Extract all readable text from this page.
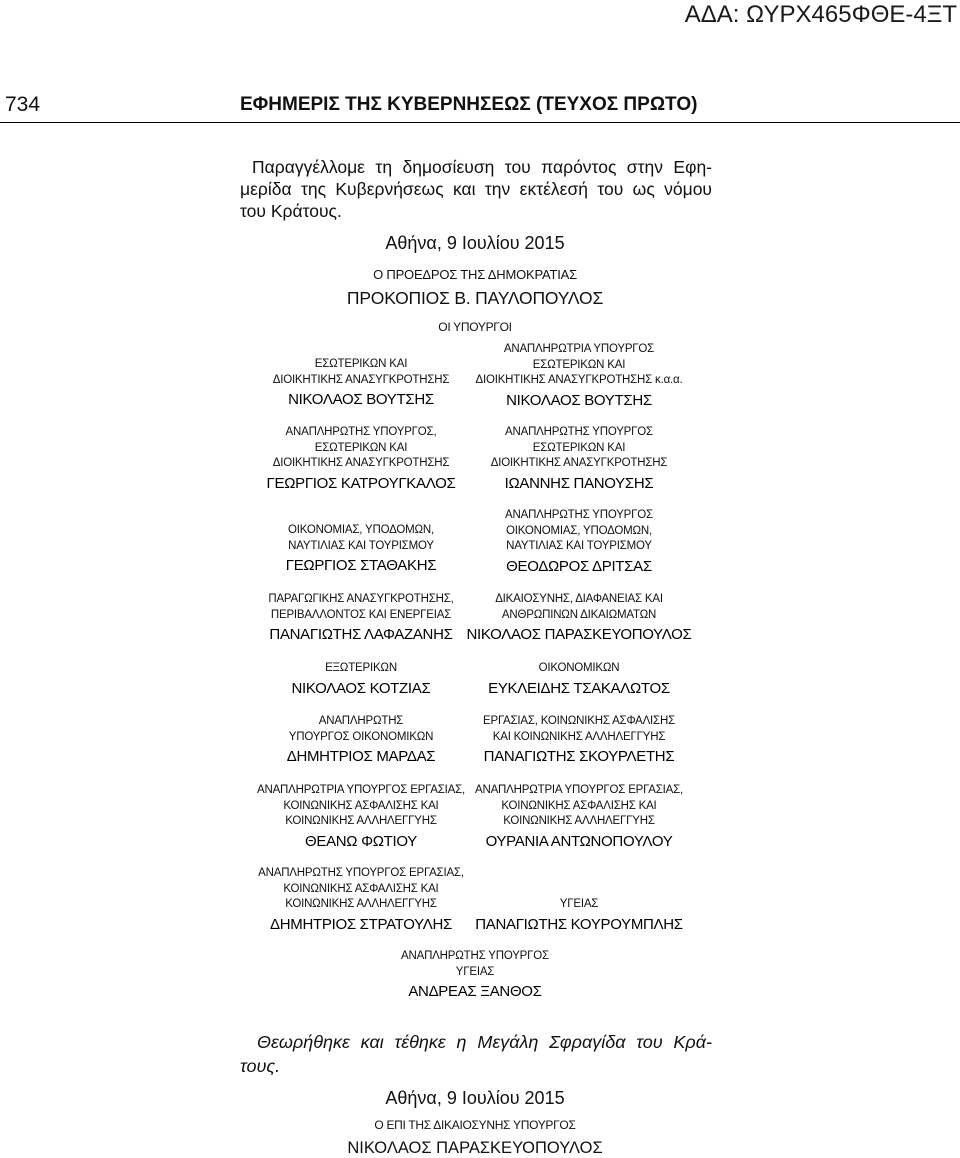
ΑΔΑ: ΩΥΡΧ465ΦΘΕ-4ΞΤ
734	ΕΦΗΜΕΡΙΣ ΤΗΣ ΚΥΒΕΡΝΗΣΕΩΣ (ΤΕΥΧΟΣ ΠΡΩΤΟ)
Παραγγέλλομε τη δημοσίευση του παρόντος στην Εφη-
μερίδα της Κυβερνήσεως και την εκτέλεσή του ως νόμου
του Κράτους.
Αθήνα, 9 Ιουλίου 2015
Ο ΠΡΟΕΔΡΟΣ ΤΗΣ ΔΗΜΟΚΡΑΤΙΑΣ
ΠΡΟΚΟΠΙΟΣ Β. ΠΑΥΛΟΠΟΥΛΟΣ
ΟΙ ΥΠΟΥΡΓΟΙ
ΕΣΩΤΕΡΙΚΩΝ ΚΑΙ
ΔΙΟΙΚΗΤΙΚΗΣ ΑΝΑΣΥΓΚΡΟΤΗΣΗΣ
ΝΙΚΟΛΑΟΣ ΒΟΥΤΣΗΣ
ΑΝΑΠΛΗΡΩΤΗΣ ΥΠΟΥΡΓΟΣ,
ΕΣΩΤΕΡΙΚΩΝ ΚΑΙ
ΔΙΟΙΚΗΤΙΚΗΣ ΑΝΑΣΥΓΚΡΟΤΗΣΗΣ
ΓΕΩΡΓΙΟΣ ΚΑΤΡΟΥΓΚΑΛΟΣ
ΟΙΚΟΝΟΜΙΑΣ, ΥΠΟΔΟΜΩΝ,
ΝΑΥΤΙΛΙΑΣ ΚΑΙ ΤΟΥΡΙΣΜΟΥ
ΓΕΩΡΓΙΟΣ ΣΤΑΘΑΚΗΣ
ΠΑΡΑΓΩΓΙΚΗΣ ΑΝΑΣΥΓΚΡΟΤΗΣΗΣ,
ΠΕΡΙΒΑΛΛΟΝΤΟΣ ΚΑΙ ΕΝΕΡΓΕΙΑΣ
ΠΑΝΑΓΙΩΤΗΣ ΛΑΦΑΖΑΝΗΣ
ΕΞΩΤΕΡΙΚΩΝ
ΝΙΚΟΛΑΟΣ ΚΟΤΖΙΑΣ
ΑΝΑΠΛΗΡΩΤΗΣ
ΥΠΟΥΡΓΟΣ ΟΙΚΟΝΟΜΙΚΩΝ
ΔΗΜΗΤΡΙΟΣ ΜΑΡΔΑΣ
ΑΝΑΠΛΗΡΩΤΡΙΑ ΥΠΟΥΡΓΟΣ ΕΡΓΑΣΙΑΣ,
ΚΟΙΝΩΝΙΚΗΣ ΑΣΦΑΛΙΣΗΣ ΚΑΙ
ΚΟΙΝΩΝΙΚΗΣ ΑΛΛΗΛΕΓΓΥΗΣ
ΘΕΑΝΩ ΦΩΤΙΟΥ
ΑΝΑΠΛΗΡΩΤΗΣ ΥΠΟΥΡΓΟΣ ΕΡΓΑΣΙΑΣ,
ΚΟΙΝΩΝΙΚΗΣ ΑΣΦΑΛΙΣΗΣ ΚΑΙ
ΚΟΙΝΩΝΙΚΗΣ ΑΛΛΗΛΕΓΓΥΗΣ
ΔΗΜΗΤΡΙΟΣ ΣΤΡΑΤΟΥΛΗΣ
ΑΝΑΠΛΗΡΩΤΡΙΑ ΥΠΟΥΡΓΟΣ
ΕΣΩΤΕΡΙΚΩΝ ΚΑΙ
ΔΙΟΙΚΗΤΙΚΗΣ ΑΝΑΣΥΓΚΡΟΤΗΣΗΣ κ.α.α.
ΝΙΚΟΛΑΟΣ ΒΟΥΤΣΗΣ
ΑΝΑΠΛΗΡΩΤΗΣ ΥΠΟΥΡΓΟΣ
ΕΣΩΤΕΡΙΚΩΝ ΚΑΙ
ΔΙΟΙΚΗΤΙΚΗΣ ΑΝΑΣΥΓΚΡΟΤΗΣΗΣ
ΙΩΑΝΝΗΣ ΠΑΝΟΥΣΗΣ
ΑΝΑΠΛΗΡΩΤΗΣ ΥΠΟΥΡΓΟΣ
ΟΙΚΟΝΟΜΙΑΣ, ΥΠΟΔΟΜΩΝ,
ΝΑΥΤΙΛΙΑΣ ΚΑΙ ΤΟΥΡΙΣΜΟΥ
ΘΕΟΔΩΡΟΣ ΔΡΙΤΣΑΣ
ΔΙΚΑΙΟΣΥΝΗΣ, ΔΙΑΦΑΝΕΙΑΣ ΚΑΙ
ΑΝΘΡΩΠΙΝΩΝ ΔΙΚΑΙΩΜΑΤΩΝ
ΝΙΚΟΛΑΟΣ ΠΑΡΑΣΚΕΥΟΠΟΥΛΟΣ
ΟΙΚΟΝΟΜΙΚΩΝ
ΕΥΚΛΕΙΔΗΣ ΤΣΑΚΑΛΩΤΟΣ
ΕΡΓΑΣΙΑΣ, ΚΟΙΝΩΝΙΚΗΣ ΑΣΦΑΛΙΣΗΣ
ΚΑΙ ΚΟΙΝΩΝΙΚΗΣ ΑΛΛΗΛΕΓΓΥΗΣ
ΠΑΝΑΓΙΩΤΗΣ ΣΚΟΥΡΛΕΤΗΣ
ΑΝΑΠΛΗΡΩΤΡΙΑ ΥΠΟΥΡΓΟΣ ΕΡΓΑΣΙΑΣ,
ΚΟΙΝΩΝΙΚΗΣ ΑΣΦΑΛΙΣΗΣ ΚΑΙ
ΚΟΙΝΩΝΙΚΗΣ ΑΛΛΗΛΕΓΓΥΗΣ
ΟΥΡΑΝΙΑ ΑΝΤΩΝΟΠΟΥΛΟΥ
ΥΓΕΙΑΣ
ΠΑΝΑΓΙΩΤΗΣ ΚΟΥΡΟΥΜΠΛΗΣ
ΑΝΑΠΛΗΡΩΤΗΣ ΥΠΟΥΡΓΟΣ
ΥΓΕΙΑΣ
ΑΝΔΡΕΑΣ ΞΑΝΘΟΣ
Θεωρήθηκε και τέθηκε η Μεγάλη Σφραγίδα του Κρά-
τους.
Αθήνα, 9 Ιουλίου 2015
Ο ΕΠΙ ΤΗΣ ΔΙΚΑΙΟΣΥΝΗΣ ΥΠΟΥΡΓΟΣ
ΝΙΚΟΛΑΟΣ ΠΑΡΑΣΚΕΥΟΠΟΥΛΟΣ
